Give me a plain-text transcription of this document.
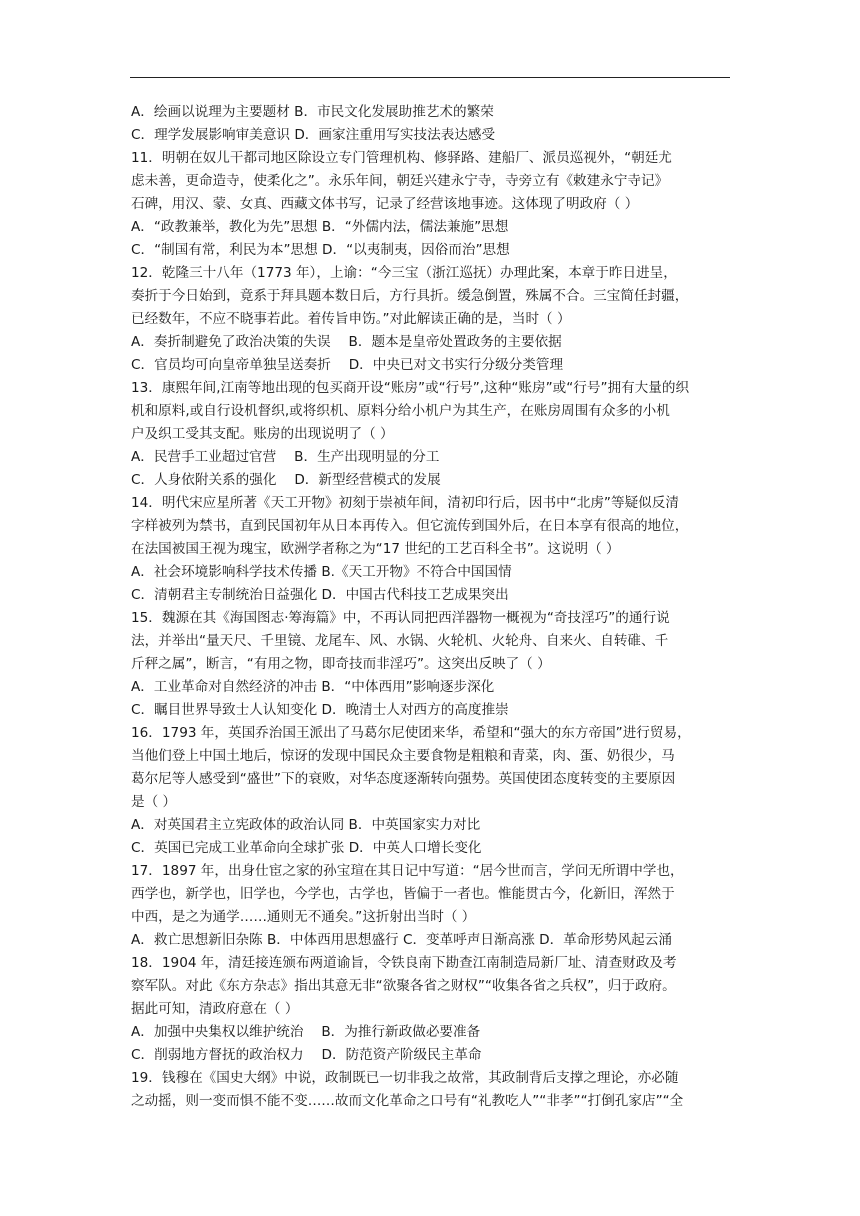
A．绘画以说理为主要题材 B．市民文化发展助推艺术的繁荣
C．理学发展影响审美意识 D．画家注重用写实技法表达感受
11．明朝在奴儿干都司地区除设立专门管理机构、修驿路、建船厂、派员巡视外，“朝廷尤
虑未善，更命造寺，使柔化之”。永乐年间，朝廷兴建永宁寺，寺旁立有《敕建永宁寺记》
石碑，用汉、蒙、女真、西藏文体书写，记录了经营该地事迹。这体现了明政府（ ）
A．“政教兼举，教化为先”思想 B．“外儒内法，儒法兼施”思想
C．“制国有常，利民为本”思想 D．“以夷制夷，因俗而治”思想
12．乾隆三十八年（1773 年），上谕：“今三宝（浙江巡抚）办理此案，本章于昨日进呈，
奏折于今日始到，竟系于拜具题本数日后，方行具折。缓急倒置，殊属不合。三宝简任封疆，
已经数年，不应不晓事若此。着传旨申饬。”对此解读正确的是，当时（ ）
A．奏折制避免了政治决策的失误　 B．题本是皇帝处置政务的主要依据
C．官员均可向皇帝单独呈送奏折　 D．中央已对文书实行分级分类管理
13．康熙年间,江南等地出现的包买商开设“账房”或“行号”,这种“账房”或“行号”拥有大量的织
机和原料,或自行设机督织,或将织机、原料分给小机户为其生产，在账房周围有众多的小机
户及织工受其支配。账房的出现说明了（ ）
A．民营手工业超过官营　 B．生产出现明显的分工
C．人身依附关系的强化　 D．新型经营模式的发展
14．明代宋应星所著《天工开物》初刻于崇祯年间，清初印行后，因书中“北虏”等疑似反清
字样被列为禁书，直到民国初年从日本再传入。但它流传到国外后，在日本享有很高的地位，
在法国被国王视为瑰宝，欧洲学者称之为“17 世纪的工艺百科全书”。这说明（ ）
A．社会环境影响科学技术传播 B.《天工开物》不符合中国国情
C．清朝君主专制统治日益强化 D．中国古代科技工艺成果突出
15．魏源在其《海国图志·筹海篇》中，不再认同把西洋器物一概视为“奇技淫巧”的通行说
法，并举出“量天尺、千里镜、龙尾车、风、水锅、火轮机、火轮舟、自来火、自转碓、千
斤秤之属”，断言，“有用之物，即奇技而非淫巧”。这突出反映了（ ）
A．工业革命对自然经济的冲击 B．“中体西用”影响逐步深化
C．瞩目世界导致士人认知变化 D．晚清士人对西方的高度推崇
16．1793 年，英国乔治国王派出了马葛尔尼使团来华，希望和“强大的东方帝国”进行贸易，
当他们登上中国土地后，惊讶的发现中国民众主要食物是粗粮和青菜，肉、蛋、奶很少，马
葛尔尼等人感受到“盛世”下的衰败，对华态度逐渐转向强势。英国使团态度转变的主要原因
是（ ）
A．对英国君主立宪政体的政治认同 B．中英国家实力对比
C．英国已完成工业革命向全球扩张 D．中英人口增长变化
17．1897 年，出身仕宦之家的孙宝瑄在其日记中写道：“居今世而言，学问无所谓中学也，
西学也，新学也，旧学也，今学也，古学也，皆偏于一者也。惟能贯古今，化新旧，浑然于
中西，是之为通学……通则无不通矣。”这折射出当时（ ）
A．救亡思想新旧杂陈 B．中体西用思想盛行 C．变革呼声日渐高涨 D．革命形势风起云涌
18．1904 年，清廷接连颁布两道谕旨，令铁良南下勘查江南制造局新厂址、清查财政及考
察军队。对此《东方杂志》指出其意无非“欲聚各省之财权”“收集各省之兵权”，归于政府。
据此可知，清政府意在（ ）
A．加强中央集权以维护统治　 B．为推行新政做必要准备
C．削弱地方督抚的政治权力　 D．防范资产阶级民主革命
19．钱穆在《国史大纲》中说，政制既已一切非我之故常，其政制背后支撑之理论，亦必随
之动摇，则一变而惧不能不变……故而文化革命之口号有“礼教吃人”“非孝”“打倒孔家店”“全
